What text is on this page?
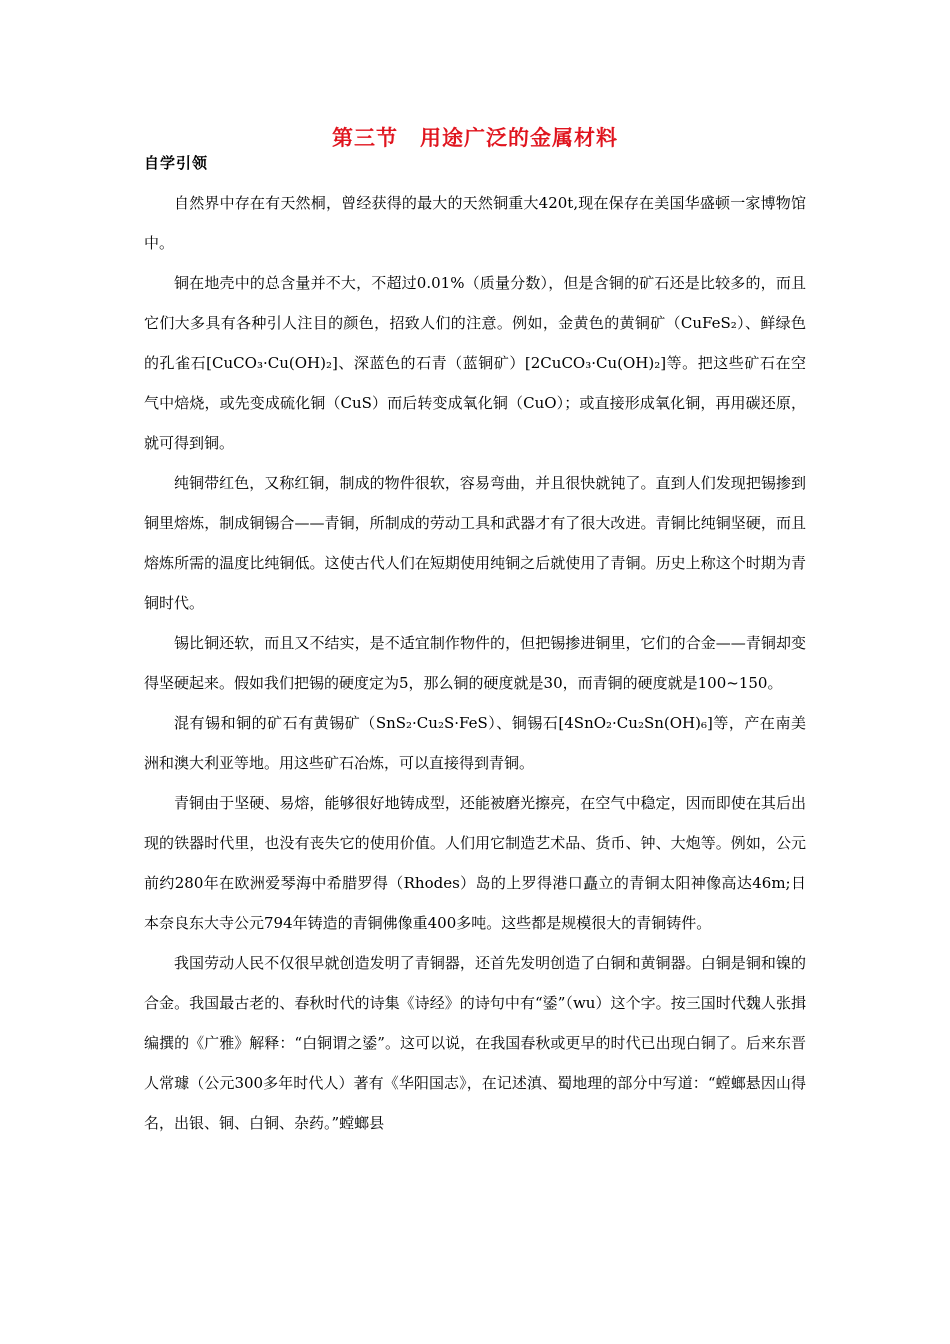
第三节　用途广泛的金属材料
自学引领

自然界中存在有天然桐，曾经获得的最大的天然铜重大420t,现在保存在美国华盛顿一家博物馆中。

铜在地壳中的总含量并不大，不超过0.01%（质量分数），但是含铜的矿石还是比较多的，而且它们大多具有各种引人注目的颜色，招致人们的注意。例如，金黄色的黄铜矿（CuFeS₂）、鲜绿色的孔雀石[CuCO₃·Cu(OH)₂]、深蓝色的石青（蓝铜矿）[2CuCO₃·Cu(OH)₂]等。把这些矿石在空气中焙烧，或先变成硫化铜（CuS）而后转变成氧化铜（CuO）；或直接形成氧化铜，再用碳还原，就可得到铜。

纯铜带红色，又称红铜，制成的物件很软，容易弯曲，并且很快就钝了。直到人们发现把锡掺到铜里熔炼，制成铜锡合——青铜，所制成的劳动工具和武器才有了很大改进。青铜比纯铜坚硬，而且熔炼所需的温度比纯铜低。这使古代人们在短期使用纯铜之后就使用了青铜。历史上称这个时期为青铜时代。

锡比铜还软，而且又不结实，是不适宜制作物件的，但把锡掺进铜里，它们的合金——青铜却变得坚硬起来。假如我们把锡的硬度定为5，那么铜的硬度就是30，而青铜的硬度就是100~150。

混有锡和铜的矿石有黄锡矿（SnS₂·Cu₂S·FeS）、铜锡石[4SnO₂·Cu₂Sn(OH)₆]等，产在南美洲和澳大利亚等地。用这些矿石冶炼，可以直接得到青铜。

青铜由于坚硬、易熔，能够很好地铸成型，还能被磨光擦亮，在空气中稳定，因而即使在其后出现的铁器时代里，也没有丧失它的使用价值。人们用它制造艺术品、货币、钟、大炮等。例如，公元前约280年在欧洲爱琴海中希腊罗得（Rhodes）岛的上罗得港口矗立的青铜太阳神像高达46m;日本奈良东大寺公元794年铸造的青铜佛像重400多吨。这些都是规模很大的青铜铸件。

我国劳动人民不仅很早就创造发明了青铜器，还首先发明创造了白铜和黄铜器。白铜是铜和镍的合金。我国最古老的、春秋时代的诗集《诗经》的诗句中有“鋈”（wu）这个字。按三国时代魏人张揖编撰的《广雅》解释：“白铜谓之鋈”。这可以说，在我国春秋或更早的时代已出现白铜了。后来东晋人常璩（公元300多年时代人）著有《华阳国志》，在记述滇、蜀地理的部分中写道：“螳螂悬因山得名，出银、铜、白铜、杂药。”螳螂县
